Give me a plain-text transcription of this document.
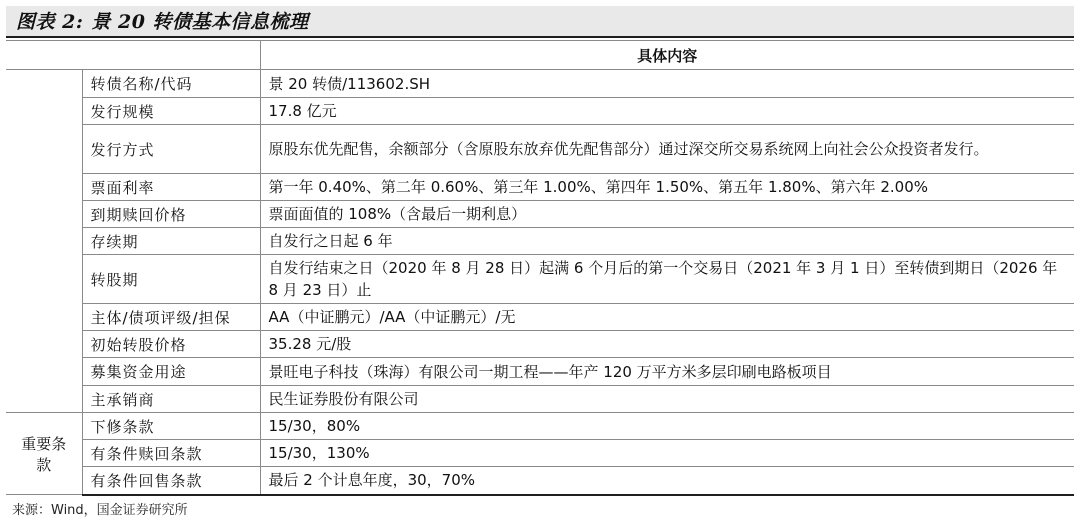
图表 2: 景 20 转债基本信息梳理
		具体内容
	转债名称/代码	景 20 转债/113602.SH
	发行规模	17.8 亿元
	发行方式	原股东优先配售，余额部分（含原股东放弃优先配售部分）通过深交所交易系统网上向社会公众投资者发行。
	票面利率	第一年 0.40%、第二年 0.60%、第三年 1.00%、第四年 1.50%、第五年 1.80%、第六年 2.00%
	到期赎回价格	票面面值的 108%（含最后一期利息）
	存续期	自发行之日起 6 年
	转股期	自发行结束之日（2020 年 8 月 28 日）起满 6 个月后的第一个交易日（2021 年 3 月 1 日）至转债到期日（2026 年 8 月 23 日）止
	主体/债项评级/担保	AA（中证鹏元）/AA（中证鹏元）/无
	初始转股价格	35.28 元/股
	募集资金用途	景旺电子科技（珠海）有限公司一期工程——年产 120 万平方米多层印刷电路板项目
	主承销商	民生证券股份有限公司
重要条款	下修条款	15/30，80%
	有条件赎回条款	15/30，130%
	有条件回售条款	最后 2 个计息年度，30，70%
来源：Wind，国金证券研究所
